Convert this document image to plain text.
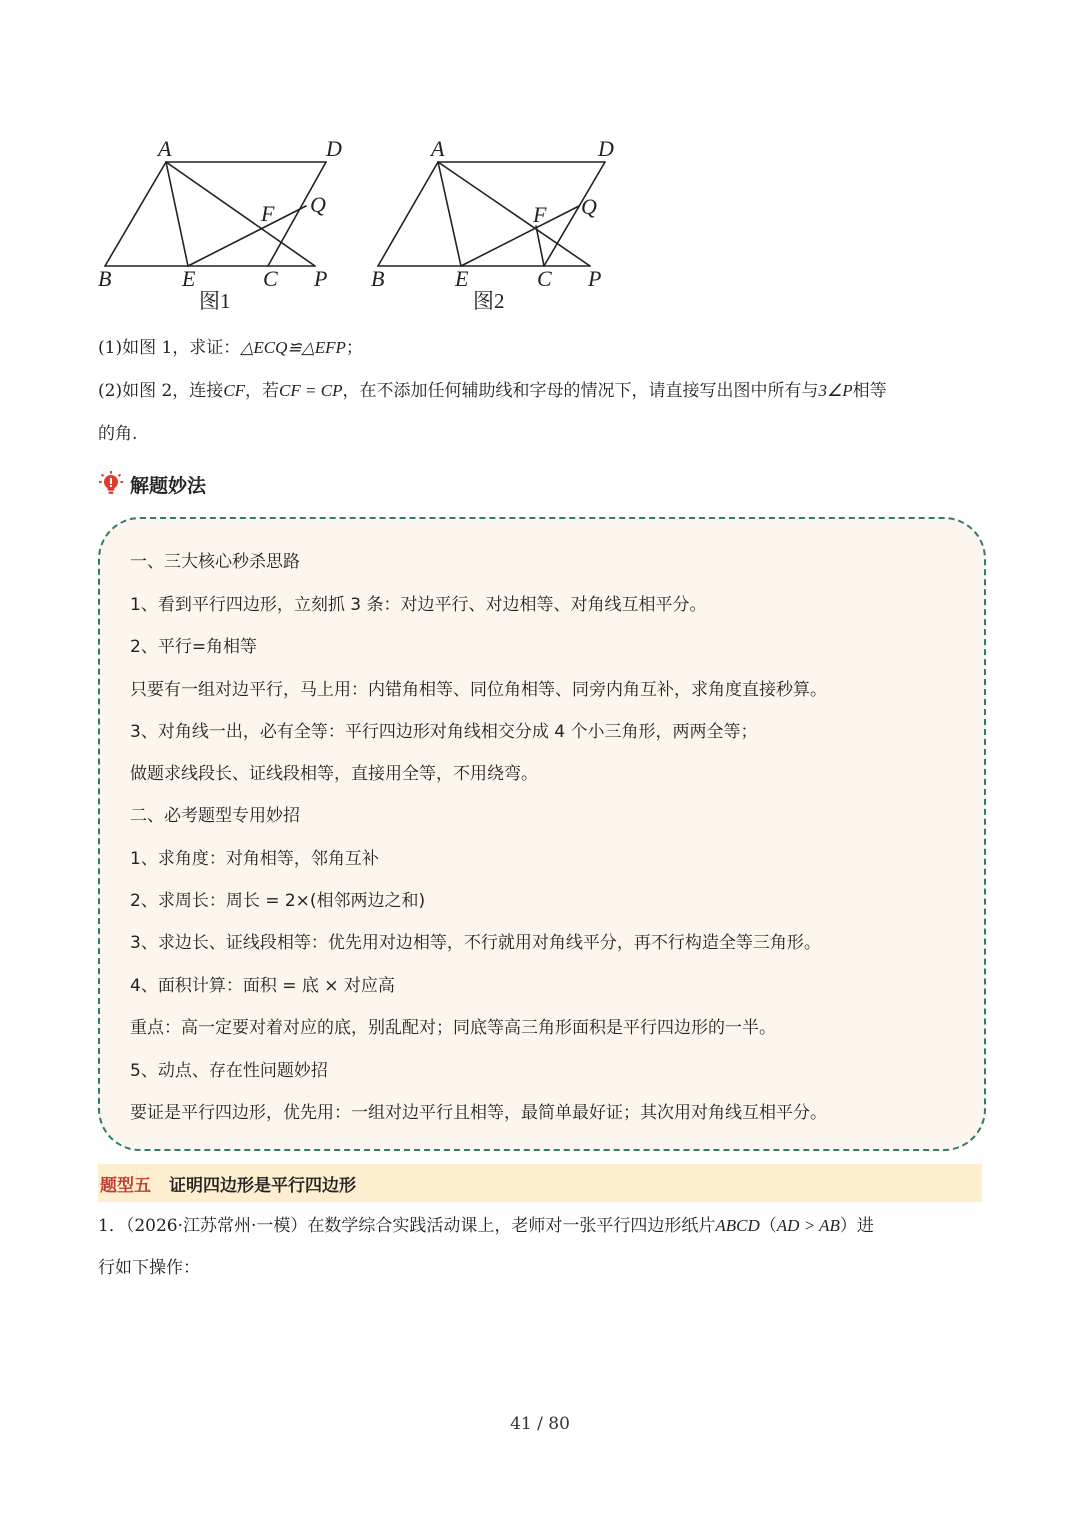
A	D
F Q
B	E	C P
图1
A	D
F Q
B	E	C P
图2
(1)如图 1，求证：△ECQ≌△EFP；
(2)如图 2，连接CF，若CF = CP，在不添加任何辅助线和字母的情况下，请直接写出图中所有与3∠P相等
的角.
解题妙法
一、三大核心秒杀思路
1、看到平行四边形，立刻抓 3 条：对边平行、对边相等、对角线互相平分。
2、平行=角相等
只要有一组对边平行，马上用：内错角相等、同位角相等、同旁内角互补，求角度直接秒算。
3、对角线一出，必有全等：平行四边形对角线相交分成 4 个小三角形，两两全等；
做题求线段长、证线段相等，直接用全等，不用绕弯。
二、必考题型专用妙招
1、求角度：对角相等，邻角互补
2、求周长：周长 = 2×(相邻两边之和)
3、求边长、证线段相等：优先用对边相等，不行就用对角线平分，再不行构造全等三角形。
4、面积计算：面积 = 底 × 对应高
重点：高一定要对着对应的底，别乱配对；同底等高三角形面积是平行四边形的一半。
5、动点、存在性问题妙招
要证是平行四边形，优先用：一组对边平行且相等，最简单最好证；其次用对角线互相平分。
题型五 证明四边形是平行四边形
1．（2026·江苏常州·一模）在数学综合实践活动课上，老师对一张平行四边形纸片ABCD（AD > AB）进
行如下操作：
41 / 80
